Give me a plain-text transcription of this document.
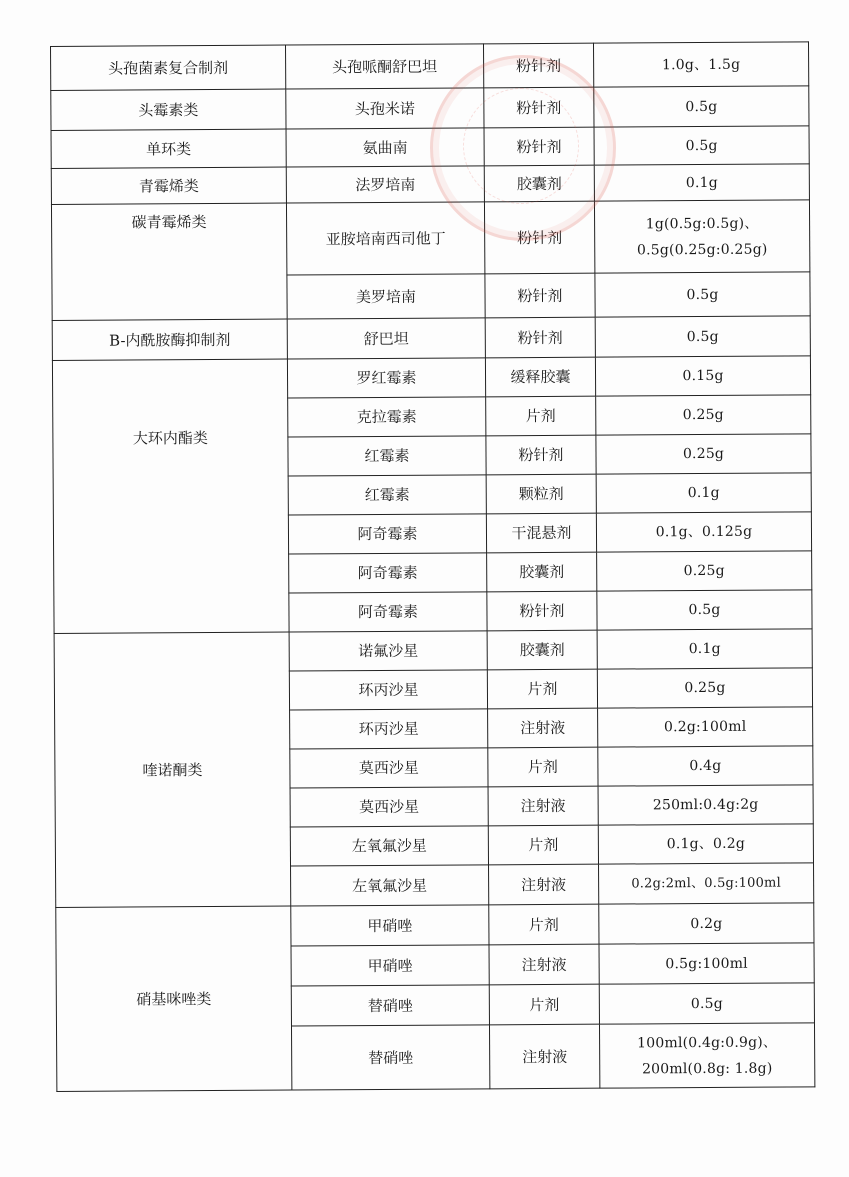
头孢菌素复合制剂	头孢哌酮舒巴坦	粉针剂	1.0g、1.5g
头霉素类	头孢米诺	粉针剂	0.5g
单环类	氨曲南	粉针剂	0.5g
青霉烯类	法罗培南	胶囊剂	0.1g
碳青霉烯类	亚胺培南西司他丁	粉针剂	1g(0.5g:0.5g)、
0.5g(0.25g:0.25g)

	美罗培南	粉针剂	0.5g
B-内酰胺酶抑制剂	舒巴坦	粉针剂	0.5g
大环内酯类	罗红霉素	缓释胶囊	0.15g
	克拉霉素	片剂	0.25g
	红霉素	粉针剂	0.25g
	红霉素	颗粒剂	0.1g
	阿奇霉素	干混悬剂	0.1g、0.125g
	阿奇霉素	胶囊剂	0.25g
	阿奇霉素	粉针剂	0.5g
喹诺酮类	诺氟沙星	胶囊剂	0.1g
	环丙沙星	片剂	0.25g
	环丙沙星	注射液	0.2g:100ml
	莫西沙星	片剂	0.4g
	莫西沙星	注射液	250ml:0.4g:2g
	左氧氟沙星	片剂	0.1g、0.2g
	左氧氟沙星	注射液	0.2g:2ml、0.5g:100ml
硝基咪唑类	甲硝唑	片剂	0.2g
	甲硝唑	注射液	0.5g:100ml
	替硝唑	片剂	0.5g
	替硝唑	注射液	100ml(0.4g:0.9g)、
200ml(0.8g: 1.8g)
